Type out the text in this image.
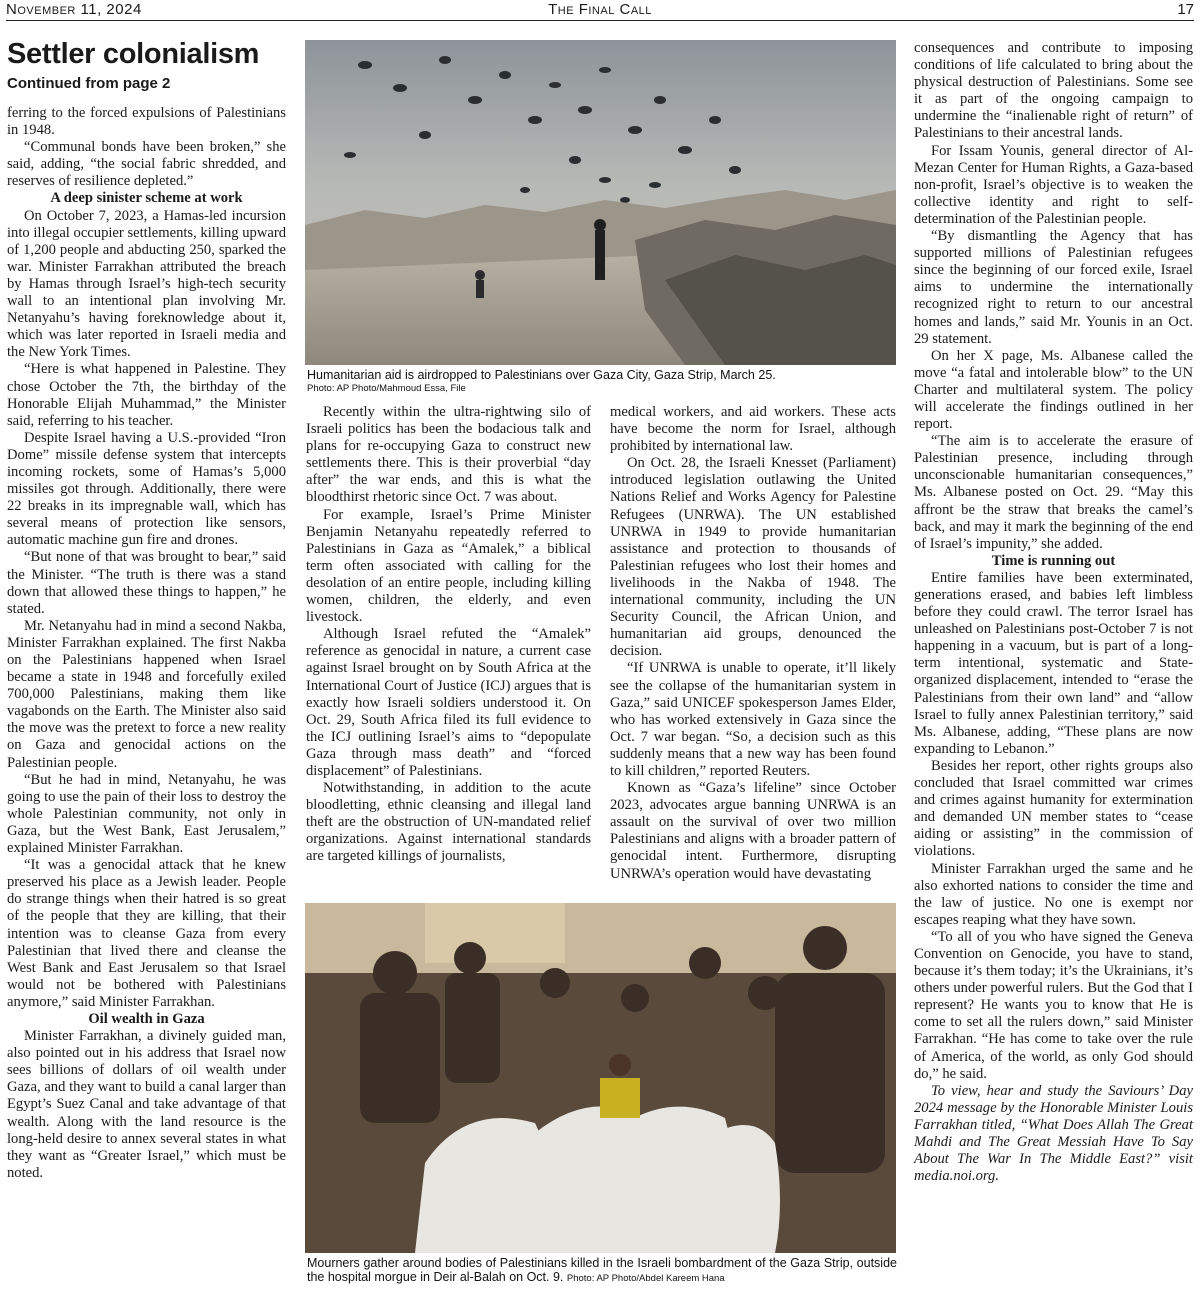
November 11, 2024	The Final Call	17
Settler colonialism
Continued from page 2

ferring to the forced expulsions of Palestinians in 1948.

“Communal bonds have been broken,” she said, adding, “the social fabric shredded, and reserves of resilience depleted.”

A deep sinister scheme at work

On October 7, 2023, a Hamas-led incursion into illegal occupier settlements, killing upward of 1,200 people and abducting 250, sparked the war. Minister Farrakhan attributed the breach by Hamas through Israel’s high-tech security wall to an intentional plan involving Mr. Netanyahu’s having foreknowledge about it, which was later reported in Israeli media and the New York Times.

“Here is what happened in Palestine. They chose October the 7th, the birthday of the Honorable Elijah Muhammad,” the Minister said, referring to his teacher.

Despite Israel having a U.S.-provided “Iron Dome” missile defense system that intercepts incoming rockets, some of Hamas’s 5,000 missiles got through. Additionally, there were 22 breaks in its impregnable wall, which has several means of protection like sensors, automatic machine gun fire and drones.

“But none of that was brought to bear,” said the Minister. “The truth is there was a stand down that allowed these things to happen,” he stated.

Mr. Netanyahu had in mind a second Nakba, Minister Farrakhan explained. The first Nakba on the Palestinians happened when Israel became a state in 1948 and forcefully exiled 700,000 Palestinians, making them like vagabonds on the Earth. The Minister also said the move was the pretext to force a new reality on Gaza and genocidal actions on the Palestinian people.

“But he had in mind, Netanyahu, he was going to use the pain of their loss to destroy the whole Palestinian community, not only in Gaza, but the West Bank, East Jerusalem,” explained Minister Farrakhan.

“It was a genocidal attack that he knew preserved his place as a Jewish leader. People do strange things when their hatred is so great of the people that they are killing, that their intention was to cleanse Gaza from every Palestinian that lived there and cleanse the West Bank and East Jerusalem so that Israel would not be bothered with Palestinians anymore,” said Minister Farrakhan.

Oil wealth in Gaza

Minister Farrakhan, a divinely guided man, also pointed out in his address that Israel now sees billions of dollars of oil wealth under Gaza, and they want to build a canal larger than Egypt’s Suez Canal and take advantage of that wealth. Along with the land resource is the long-held desire to annex several states in what they want as “Greater Israel,” which must be noted.

Humanitarian aid is airdropped to Palestinians over Gaza City, Gaza Strip, March 25.
Photo: AP Photo/Mahmoud Essa, File

Recently within the ultra-rightwing silo of Israeli politics has been the bodacious talk and plans for re-occupying Gaza to construct new settlements there. This is their proverbial “day after” the war ends, and this is what the bloodthirst rhetoric since Oct. 7 was about.

For example, Israel’s Prime Minister Benjamin Netanyahu repeatedly referred to Palestinians in Gaza as “Amalek,” a biblical term often associated with calling for the desolation of an entire people, including killing women, children, the elderly, and even livestock.

Although Israel refuted the “Amalek” reference as genocidal in nature, a current case against Israel brought on by South Africa at the International Court of Justice (ICJ) argues that is exactly how Israeli soldiers understood it. On Oct. 29, South Africa filed its full evidence to the ICJ outlining Israel’s aims to “depopulate Gaza through mass death” and “forced displacement” of Palestinians.

Notwithstanding, in addition to the acute bloodletting, ethnic cleansing and illegal land theft are the obstruction of UN-mandated relief organizations. Against international standards are targeted killings of journalists,

medical workers, and aid workers. These acts have become the norm for Israel, although prohibited by international law.

On Oct. 28, the Israeli Knesset (Parliament) introduced legislation outlawing the United Nations Relief and Works Agency for Palestine Refugees (UNRWA). The UN established UNRWA in 1949 to provide humanitarian assistance and protection to thousands of Palestinian refugees who lost their homes and livelihoods in the Nakba of 1948. The international community, including the UN Security Council, the African Union, and humanitarian aid groups, denounced the decision.

“If UNRWA is unable to operate, it’ll likely see the collapse of the humanitarian system in Gaza,” said UNICEF spokesperson James Elder, who has worked extensively in Gaza since the Oct. 7 war began. “So, a decision such as this suddenly means that a new way has been found to kill children,” reported Reuters.

Known as “Gaza’s lifeline” since October 2023, advocates argue banning UNRWA is an assault on the survival of over two million Palestinians and aligns with a broader pattern of genocidal intent. Furthermore, disrupting UNRWA’s operation would have devastating

Mourners gather around bodies of Palestinians killed in the Israeli bombardment of the Gaza Strip, outside the hospital morgue in Deir al-Balah on Oct. 9. Photo: AP Photo/Abdel Kareem Hana

consequences and contribute to imposing conditions of life calculated to bring about the physical destruction of Palestinians. Some see it as part of the ongoing campaign to undermine the “inalienable right of return” of Palestinians to their ancestral lands.

For Issam Younis, general director of Al-Mezan Center for Human Rights, a Gaza-based non-profit, Israel’s objective is to weaken the collective identity and right to self-determination of the Palestinian people.

“By dismantling the Agency that has supported millions of Palestinian refugees since the beginning of our forced exile, Israel aims to undermine the internationally recognized right to return to our ancestral homes and lands,” said Mr. Younis in an Oct. 29 statement.

On her X page, Ms. Albanese called the move “a fatal and intolerable blow” to the UN Charter and multilateral system. The policy will accelerate the findings outlined in her report.

“The aim is to accelerate the erasure of Palestinian presence, including through unconscionable humanitarian consequences,” Ms. Albanese posted on Oct. 29. “May this affront be the straw that breaks the camel’s back, and may it mark the beginning of the end of Israel’s impunity,” she added.

Time is running out

Entire families have been exterminated, generations erased, and babies left limbless before they could crawl. The terror Israel has unleashed on Palestinians post-October 7 is not happening in a vacuum, but is part of a long-term intentional, systematic and State-organized displacement, intended to “erase the Palestinians from their own land” and “allow Israel to fully annex Palestinian territory,” said Ms. Albanese, adding, “These plans are now expanding to Lebanon.”

Besides her report, other rights groups also concluded that Israel committed war crimes and crimes against humanity for extermination and demanded UN member states to “cease aiding or assisting” in the commission of violations.

Minister Farrakhan urged the same and he also exhorted nations to consider the time and the law of justice. No one is exempt nor escapes reaping what they have sown.

“To all of you who have signed the Geneva Convention on Genocide, you have to stand, because it’s them today; it’s the Ukrainians, it’s others under powerful rulers. But the God that I represent? He wants you to know that He is come to set all the rulers down,” said Minister Farrakhan. “He has come to take over the rule of America, of the world, as only God should do,” he said.

To view, hear and study the Saviours’ Day 2024 message by the Honorable Minister Louis Farrakhan titled, “What Does Allah The Great Mahdi and The Great Messiah Have To Say About The War In The Middle East?” visit media.noi.org.
